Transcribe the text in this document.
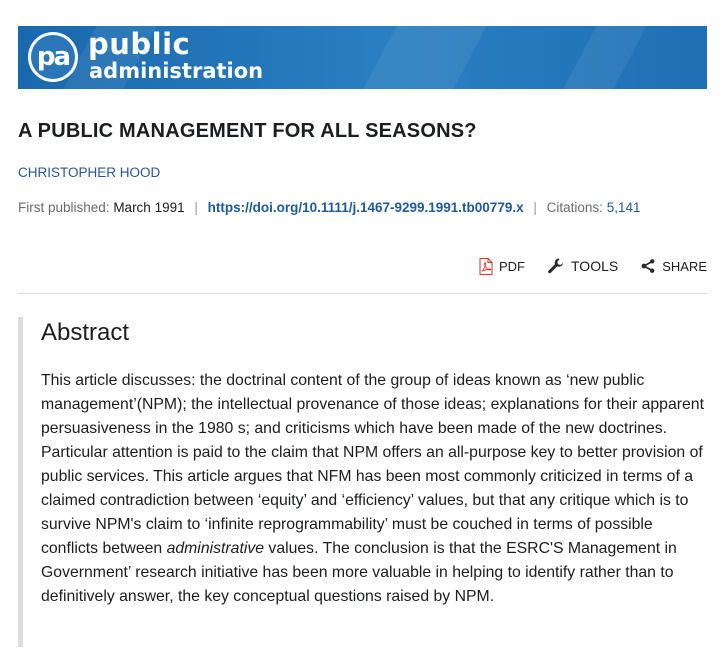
pa public
administration
A PUBLIC MANAGEMENT FOR ALL SEASONS?
CHRISTOPHER HOOD
First published: March 1991 | https://doi.org/10.1111/j.1467-9299.1991.tb00779.x | Citations: 5,141
PDF	TOOLS	SHARE
Abstract

This article discusses: the doctrinal content of the group of ideas known as ‘new public management’(NPM); the intellectual provenance of those ideas; explanations for their apparent persuasiveness in the 1980 s; and criticisms which have been made of the new doctrines. Particular attention is paid to the claim that NPM offers an all-purpose key to better provision of public services. This article argues that NFM has been most commonly criticized in terms of a claimed contradiction between ‘equity’ and ‘efficiency’ values, but that any critique which is to survive NPM's claim to ‘infinite reprogrammability’ must be couched in terms of possible conflicts between administrative values. The conclusion is that the ESRC'S Management in Government’ research initiative has been more valuable in helping to identify rather than to definitively answer, the key conceptual questions raised by NPM.
